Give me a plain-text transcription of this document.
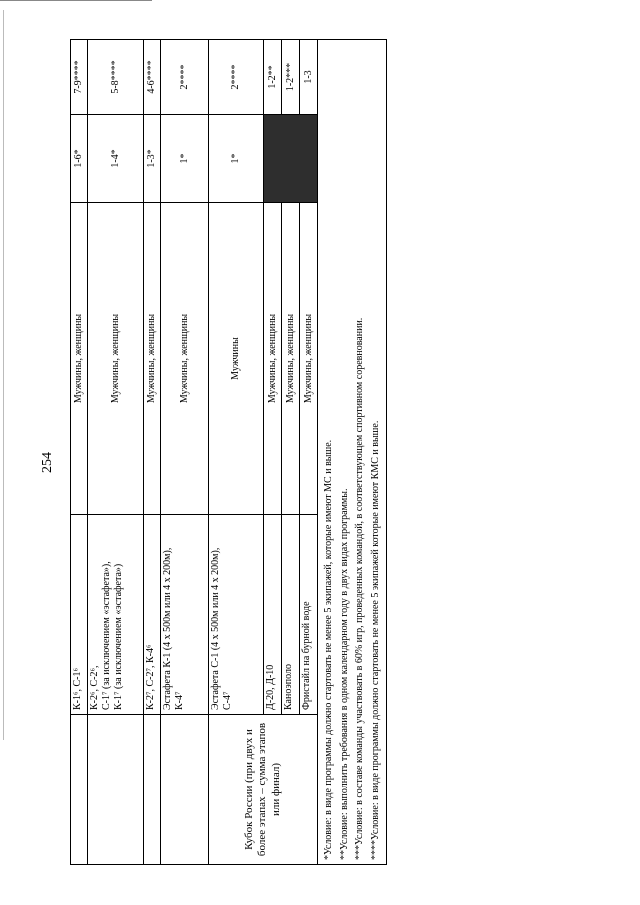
254
	К-1⁶, С-1⁶	Мужчины, женщины	1-6*	7-9****
	К-2⁶, С-2⁶,
С-1⁷ (за исключением «эстафета»),
К-1⁷ (за исключением «эстафета»)	Мужчины, женщины	1-4*	5-8****
	К-2⁷, С-2⁷, К-4⁶	Мужчины, женщины	1-3*	4-6****
	Эстафета К-1 (4 х 500м или 4 х 200м),
К-4⁷	Мужчины, женщины	1*	2****
Кубок России (при двух и более этапах – сумма этапов или финал)	Эстафета С-1 (4 х 500м или 4 х 200м),
С-4⁷	Мужчины	1*	2****
	Д-20, Д-10	Мужчины, женщины		1-2**
	Каноэполо	Мужчины, женщины		1-2***
	Фристайл на бурной воде	Мужчины, женщины		1-3

*Условие: в виде программы должно стартовать не менее 5 экипажей, которые имеют МС и выше. **Условие: выполнить требования в одном календарном году в двух видах программы. ***Условие: в составе команды участвовать в 60% игр, проведенных командой, в соответствующем спортивном соревновании. ****Условие: в виде программы должно стартовать не менее 5 экипажей которые имеют КМС и выше.				
